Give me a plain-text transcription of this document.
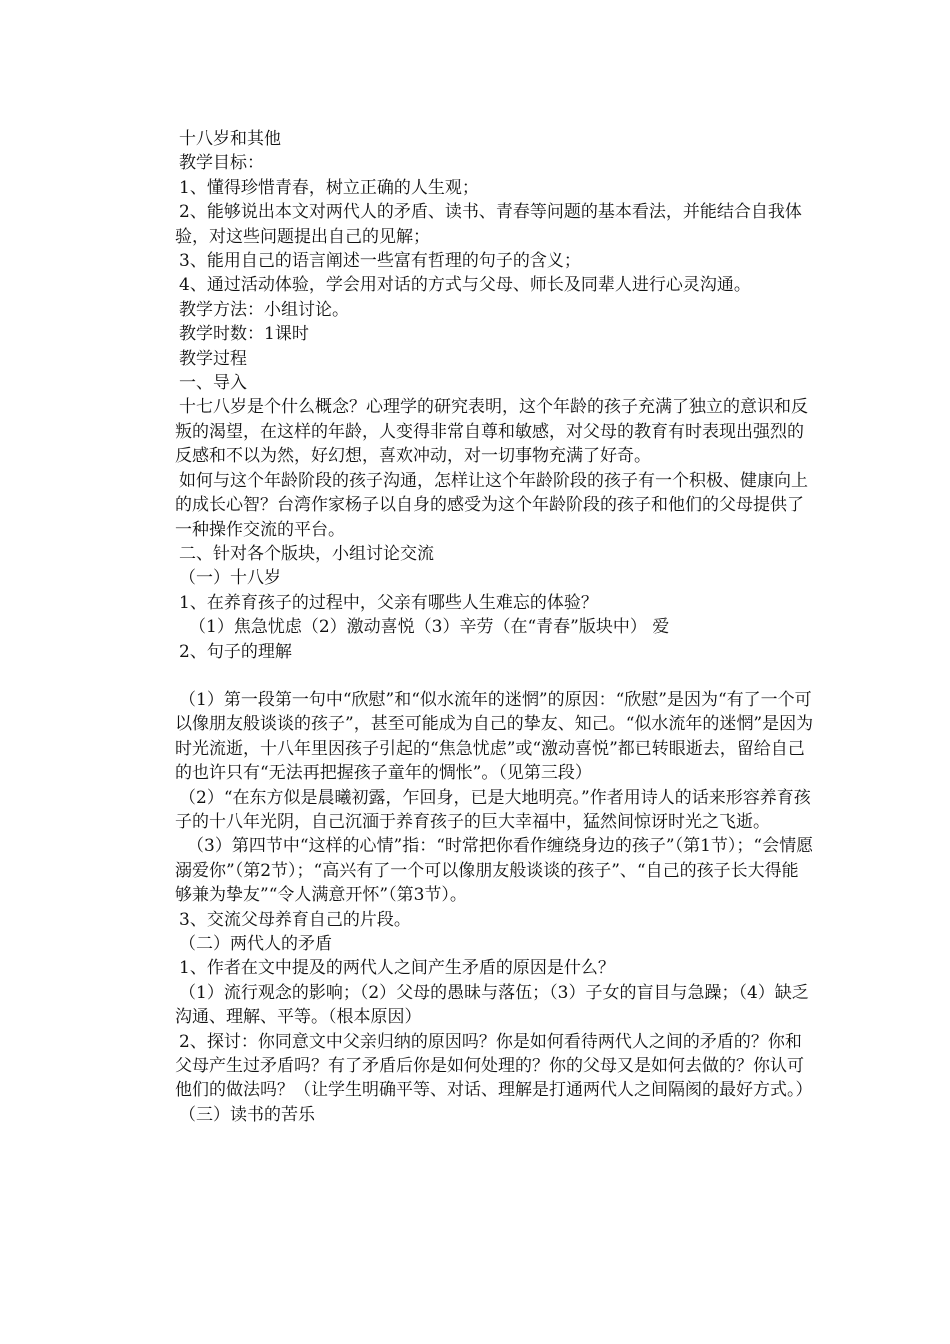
十八岁和其他

教学目标：

1、懂得珍惜青春，树立正确的人生观；

2、能够说出本文对两代人的矛盾、读书、青春等问题的基本看法，并能结合自我体验，对这些问题提出自己的见解；

3、能用自己的语言阐述一些富有哲理的句子的含义；

4、通过活动体验，学会用对话的方式与父母、师长及同辈人进行心灵沟通。

教学方法：小组讨论。

教学时数：1课时

教学过程

一、导入

十七八岁是个什么概念？心理学的研究表明，这个年龄的孩子充满了独立的意识和反叛的渴望，在这样的年龄，人变得非常自尊和敏感，对父母的教育有时表现出强烈的反感和不以为然，好幻想，喜欢冲动，对一切事物充满了好奇。

如何与这个年龄阶段的孩子沟通，怎样让这个年龄阶段的孩子有一个积极、健康向上的成长心智？台湾作家杨子以自身的感受为这个年龄阶段的孩子和他们的父母提供了一种操作交流的平台。

二、针对各个版块，小组讨论交流

（一）十八岁

1、在养育孩子的过程中，父亲有哪些人生难忘的体验？

（1）焦急忧虑（2）激动喜悦（3）辛劳（在“青春”版块中） 爱

2、句子的理解

（1）第一段第一句中“欣慰”和“似水流年的迷惘”的原因：“欣慰”是因为“有了一个可以像朋友般谈谈的孩子”，甚至可能成为自己的挚友、知己。“似水流年的迷惘”是因为时光流逝，十八年里因孩子引起的“焦急忧虑”或“激动喜悦”都已转眼逝去，留给自己的也许只有“无法再把握孩子童年的惆怅”。（见第三段）

（2）“在东方似是晨曦初露，乍回身，已是大地明亮。”作者用诗人的话来形容养育孩子的十八年光阴，自己沉湎于养育孩子的巨大幸福中，猛然间惊讶时光之飞逝。

（3）第四节中“这样的心情”指：“时常把你看作缠绕身边的孩子”（第1节）；“会情愿溺爱你”（第2节）；“高兴有了一个可以像朋友般谈谈的孩子”、“自己的孩子长大得能够兼为挚友”“令人满意开怀”（第3节）。

3、交流父母养育自己的片段。

（二）两代人的矛盾

1、作者在文中提及的两代人之间产生矛盾的原因是什么？

（1）流行观念的影响；（2）父母的愚昧与落伍；（3）子女的盲目与急躁；（4）缺乏沟通、理解、平等。（根本原因）

2、探讨：你同意文中父亲归纳的原因吗？你是如何看待两代人之间的矛盾的？你和父母产生过矛盾吗？有了矛盾后你是如何处理的？你的父母又是如何去做的？你认可他们的做法吗？（让学生明确平等、对话、理解是打通两代人之间隔阂的最好方式。）

（三）读书的苦乐
